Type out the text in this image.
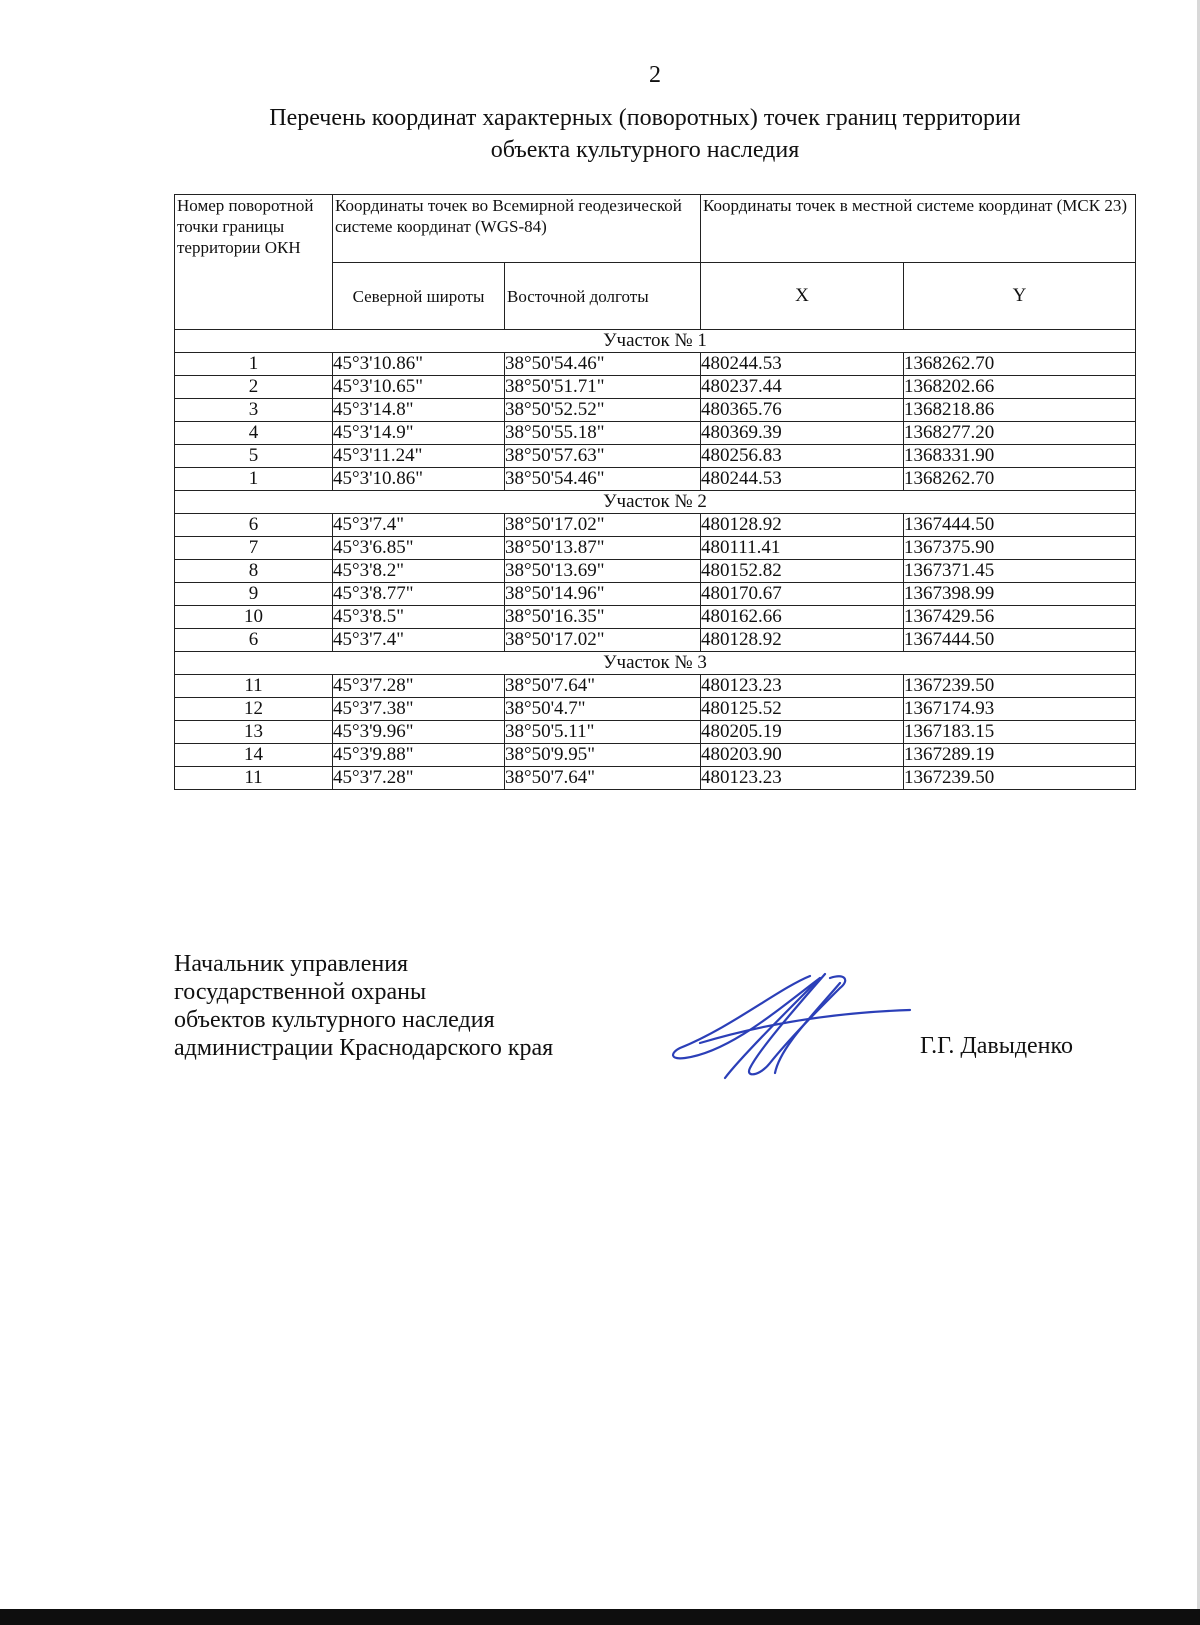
2
Перечень координат характерных (поворотных) точек границ территории
объекта культурного наследия
Номер поворотной точки границы территории ОКН	Координаты точек во Всемирной геодезической системе координат (WGS-84)		Координаты точек в местной системе координат (МСК 23)	
	Северной широты	Восточной долготы	X	Y
Участок № 1				
1	45°3'10.86"	38°50'54.46"	480244.53	1368262.70
2	45°3'10.65"	38°50'51.71"	480237.44	1368202.66
3	45°3'14.8"	38°50'52.52"	480365.76	1368218.86
4	45°3'14.9"	38°50'55.18"	480369.39	1368277.20
5	45°3'11.24"	38°50'57.63"	480256.83	1368331.90
1	45°3'10.86"	38°50'54.46"	480244.53	1368262.70
Участок № 2				
6	45°3'7.4"	38°50'17.02"	480128.92	1367444.50
7	45°3'6.85"	38°50'13.87"	480111.41	1367375.90
8	45°3'8.2"	38°50'13.69"	480152.82	1367371.45
9	45°3'8.77"	38°50'14.96"	480170.67	1367398.99
10	45°3'8.5"	38°50'16.35"	480162.66	1367429.56
6	45°3'7.4"	38°50'17.02"	480128.92	1367444.50
Участок № 3				
11	45°3'7.28"	38°50'7.64"	480123.23	1367239.50
12	45°3'7.38"	38°50'4.7"	480125.52	1367174.93
13	45°3'9.96"	38°50'5.11"	480205.19	1367183.15
14	45°3'9.88"	38°50'9.95"	480203.90	1367289.19
11	45°3'7.28"	38°50'7.64"	480123.23	1367239.50
Начальник управления
государственной охраны
объектов культурного наследия
администрации Краснодарского края	Г.Г. Давыденко
